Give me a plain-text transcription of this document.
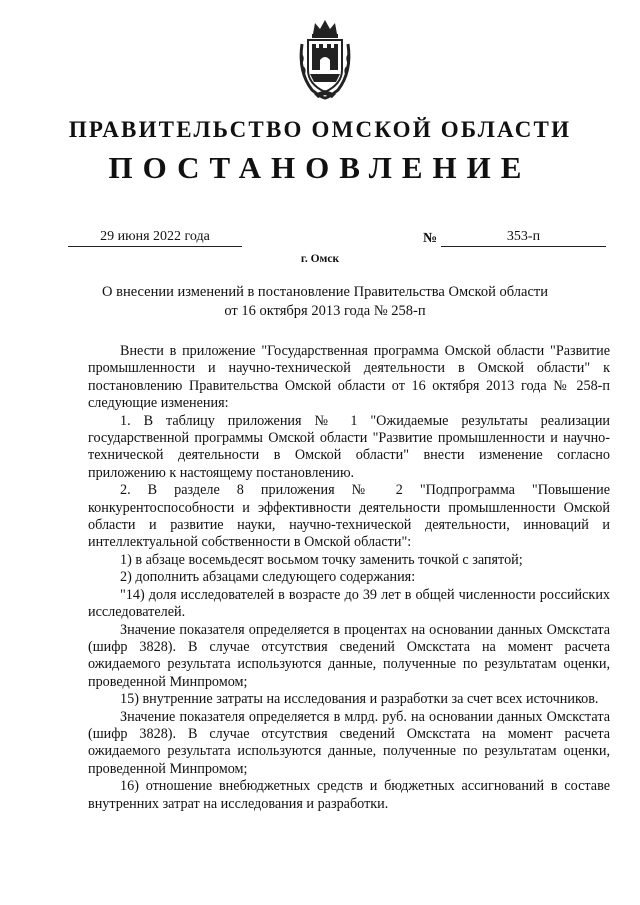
ПРАВИТЕЛЬСТВО ОМСКОЙ ОБЛАСТИ
ПОСТАНОВЛЕНИЕ
29 июня 2022 года	№	353-п
г. Омск
О внесении изменений в постановление Правительства Омской области
от 16 октября 2013 года № 258-п

Внести в приложение "Государственная программа Омской области "Развитие промышленности и научно-технической деятельности в Омской области" к постановлению Правительства Омской области от 16 октября 2013 года № 258-п следующие изменения:

1. В таблицу приложения № 1 "Ожидаемые результаты реализации государственной программы Омской области "Развитие промышленности и научно-технической деятельности в Омской области" внести изменение согласно приложению к настоящему постановлению.

2. В разделе 8 приложения № 2 "Подпрограмма "Повышение конкурентоспособности и эффективности деятельности промышленности Омской области и развитие науки, научно-технической деятельности, инноваций и интеллектуальной собственности в Омской области":

1) в абзаце восемьдесят восьмом точку заменить точкой с запятой;

2) дополнить абзацами следующего содержания:

"14) доля исследователей в возрасте до 39 лет в общей численности российских исследователей.

Значение показателя определяется в процентах на основании данных Омскстата (шифр 3828). В случае отсутствия сведений Омскстата на момент расчета ожидаемого результата используются данные, полученные по результатам оценки, проведенной Минпромом;

15) внутренние затраты на исследования и разработки за счет всех источников.

Значение показателя определяется в млрд. руб. на основании данных Омскстата (шифр 3828). В случае отсутствия сведений Омскстата на момент расчета ожидаемого результата используются данные, полученные по результатам оценки, проведенной Минпромом;

16) отношение внебюджетных средств и бюджетных ассигнований в составе внутренних затрат на исследования и разработки.
